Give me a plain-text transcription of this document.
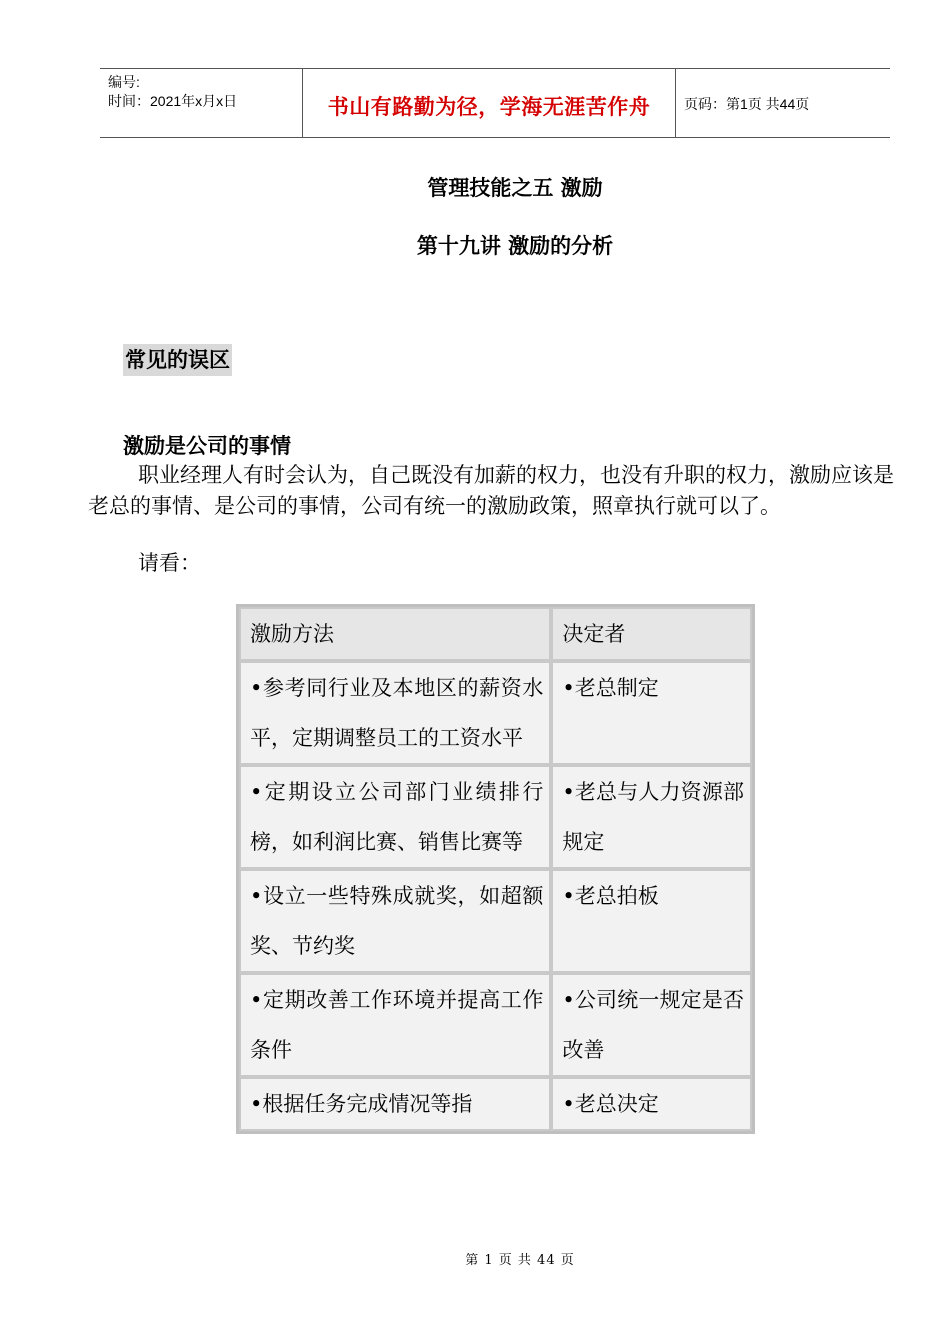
编号:
时间：2021年x月x日	书山有路勤为径，学海无涯苦作舟	页码：第1页 共44页
管理技能之五 激励
第十九讲 激励的分析
常见的误区
激励是公司的事情

职业经理人有时会认为，自己既没有加薪的权力，也没有升职的权力，激励应该是老总的事情、是公司的事情，公司有统一的激励政策，照章执行就可以了。

请看：
激励方法	决定者
•参考同行业及本地区的薪资水平，定期调整员工的工资水平	•老总制定
•定期设立公司部门业绩排行榜，如利润比赛、销售比赛等	•老总与人力资源部规定
•设立一些特殊成就奖，如超额奖、节约奖	•老总拍板
•定期改善工作环境并提高工作条件	•公司统一规定是否改善
•根据任务完成情况等指	•老总决定
第 1 页 共 44 页
